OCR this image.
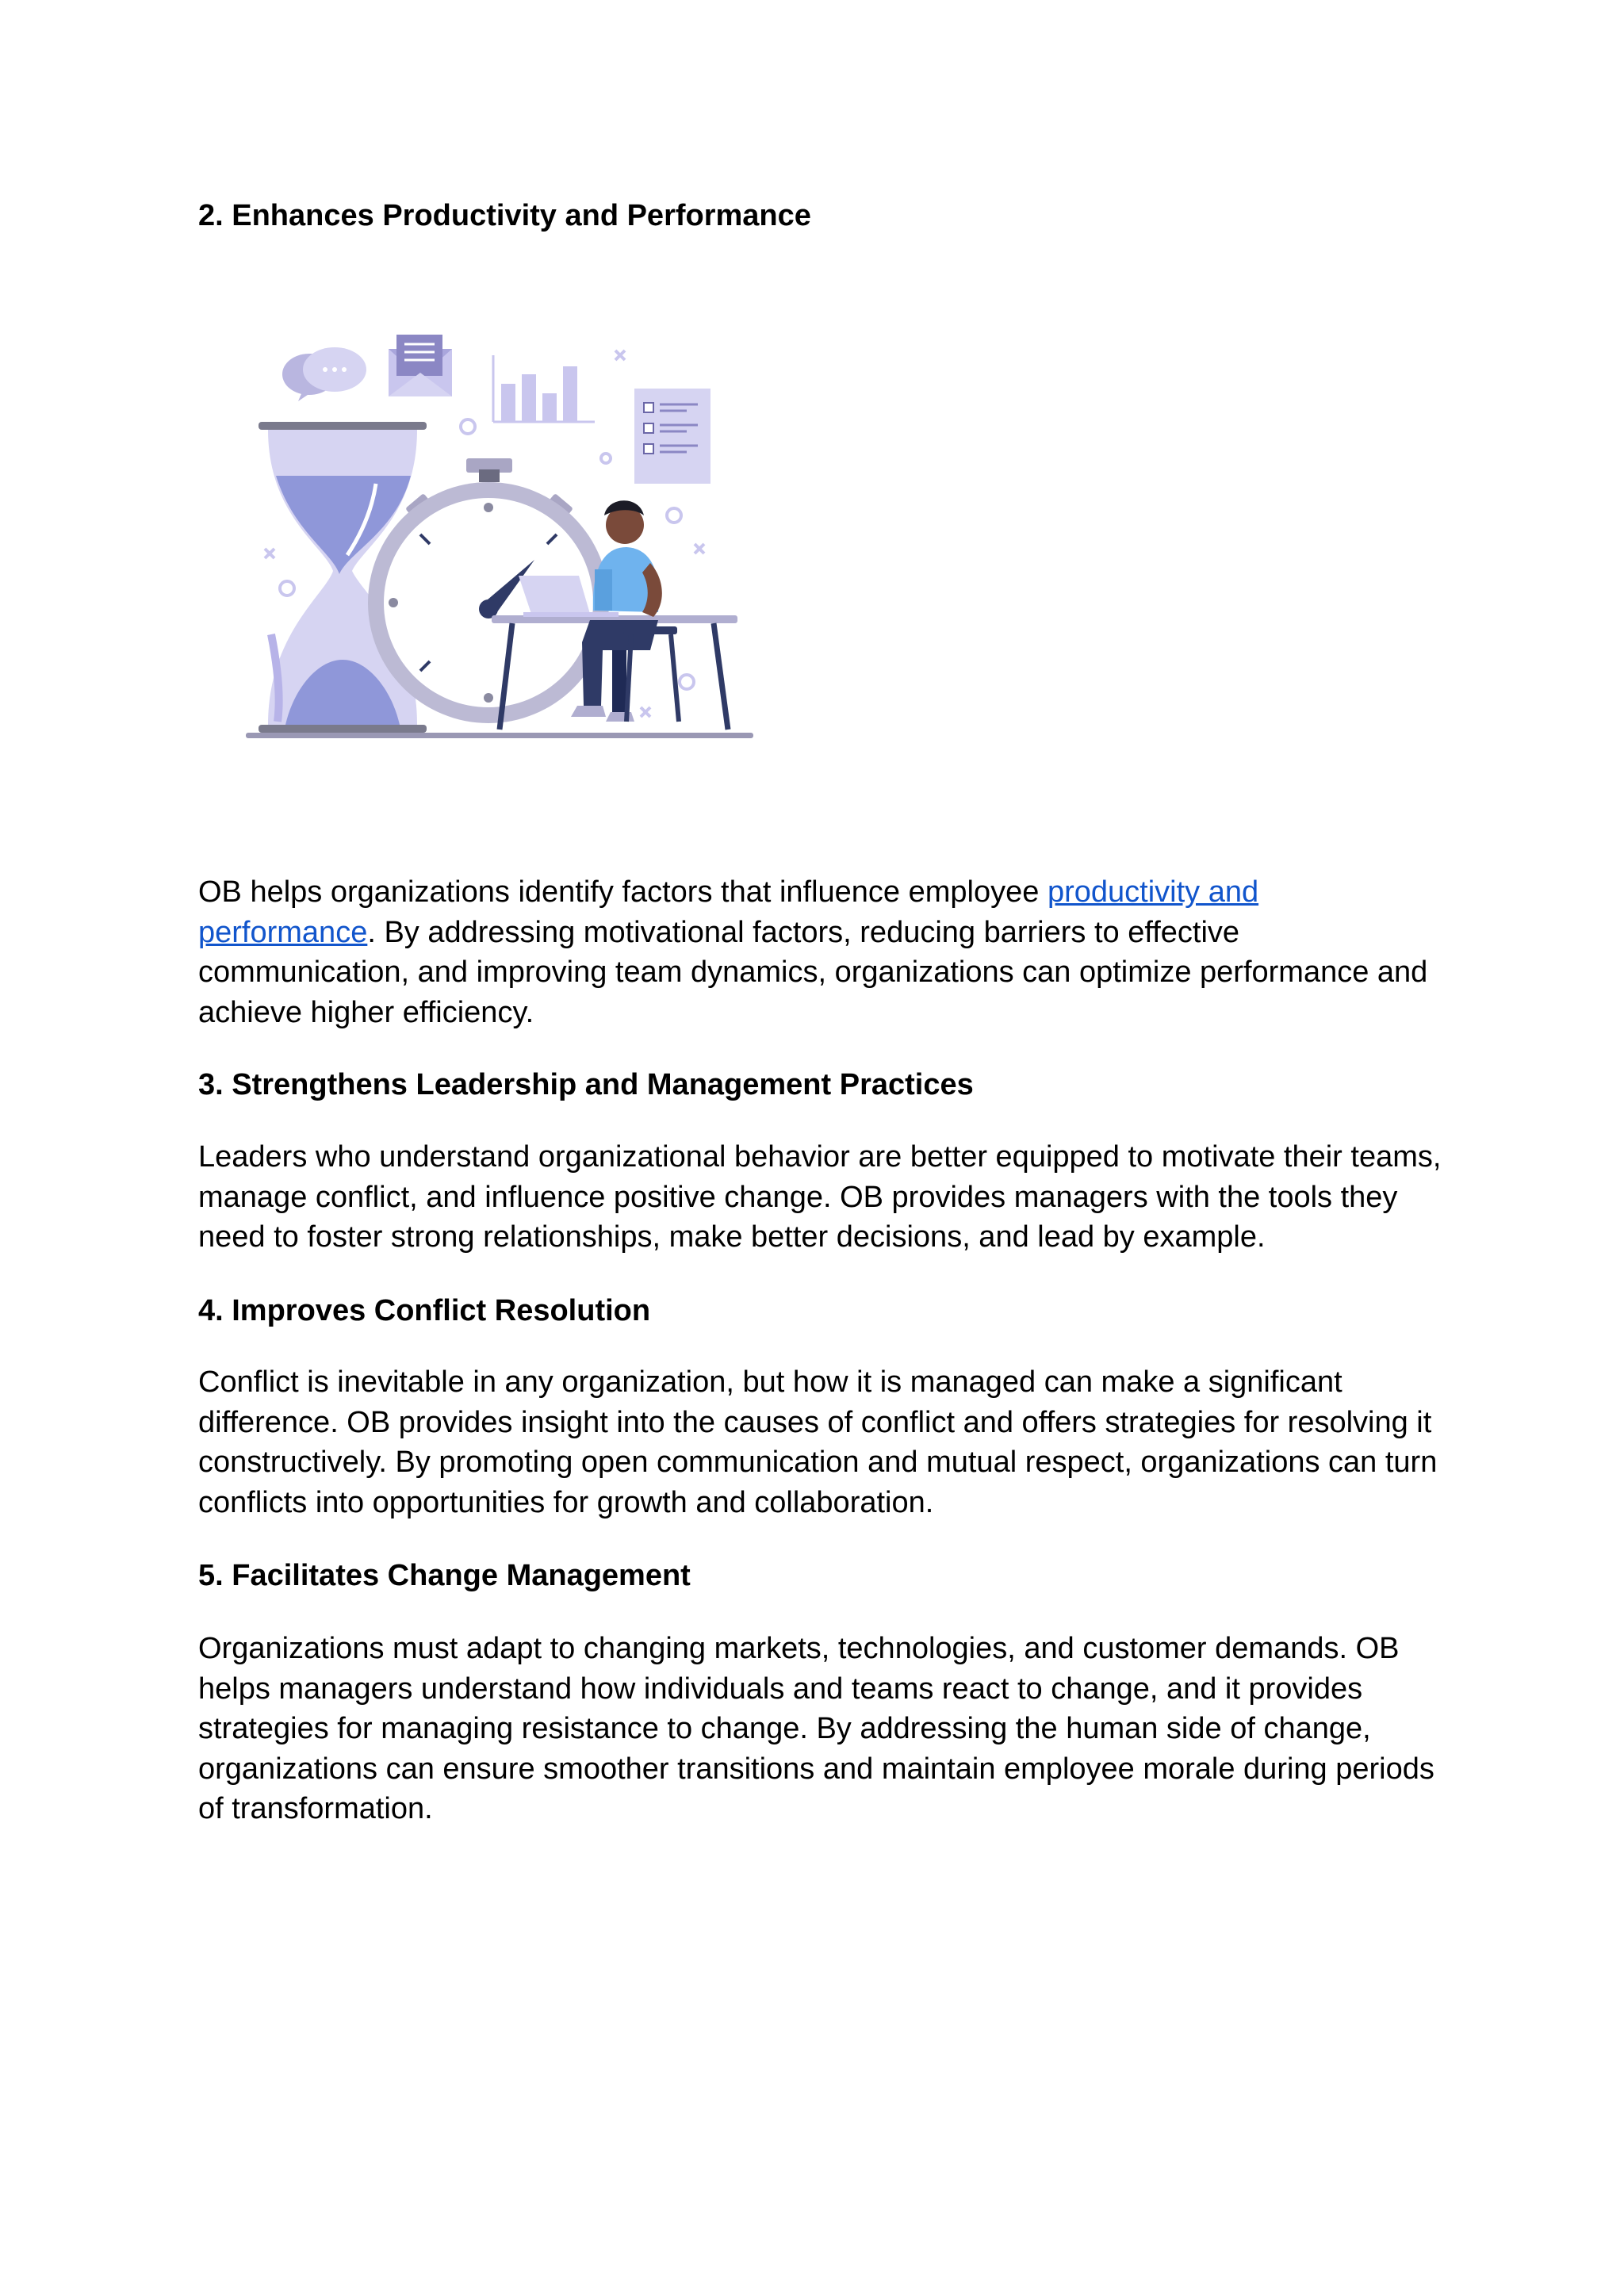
2. Enhances Productivity and Performance

OB helps organizations identify factors that influence employee productivity and performance. By addressing motivational factors, reducing barriers to effective communication, and improving team dynamics, organizations can optimize performance and achieve higher efficiency.

3. Strengthens Leadership and Management Practices

Leaders who understand organizational behavior are better equipped to motivate their teams, manage conflict, and influence positive change. OB provides managers with the tools they need to foster strong relationships, make better decisions, and lead by example.

4. Improves Conflict Resolution

Conflict is inevitable in any organization, but how it is managed can make a significant difference. OB provides insight into the causes of conflict and offers strategies for resolving it constructively. By promoting open communication and mutual respect, organizations can turn conflicts into opportunities for growth and collaboration.

5. Facilitates Change Management

Organizations must adapt to changing markets, technologies, and customer demands. OB helps managers understand how individuals and teams react to change, and it provides strategies for managing resistance to change. By addressing the human side of change, organizations can ensure smoother transitions and maintain employee morale during periods of transformation.
